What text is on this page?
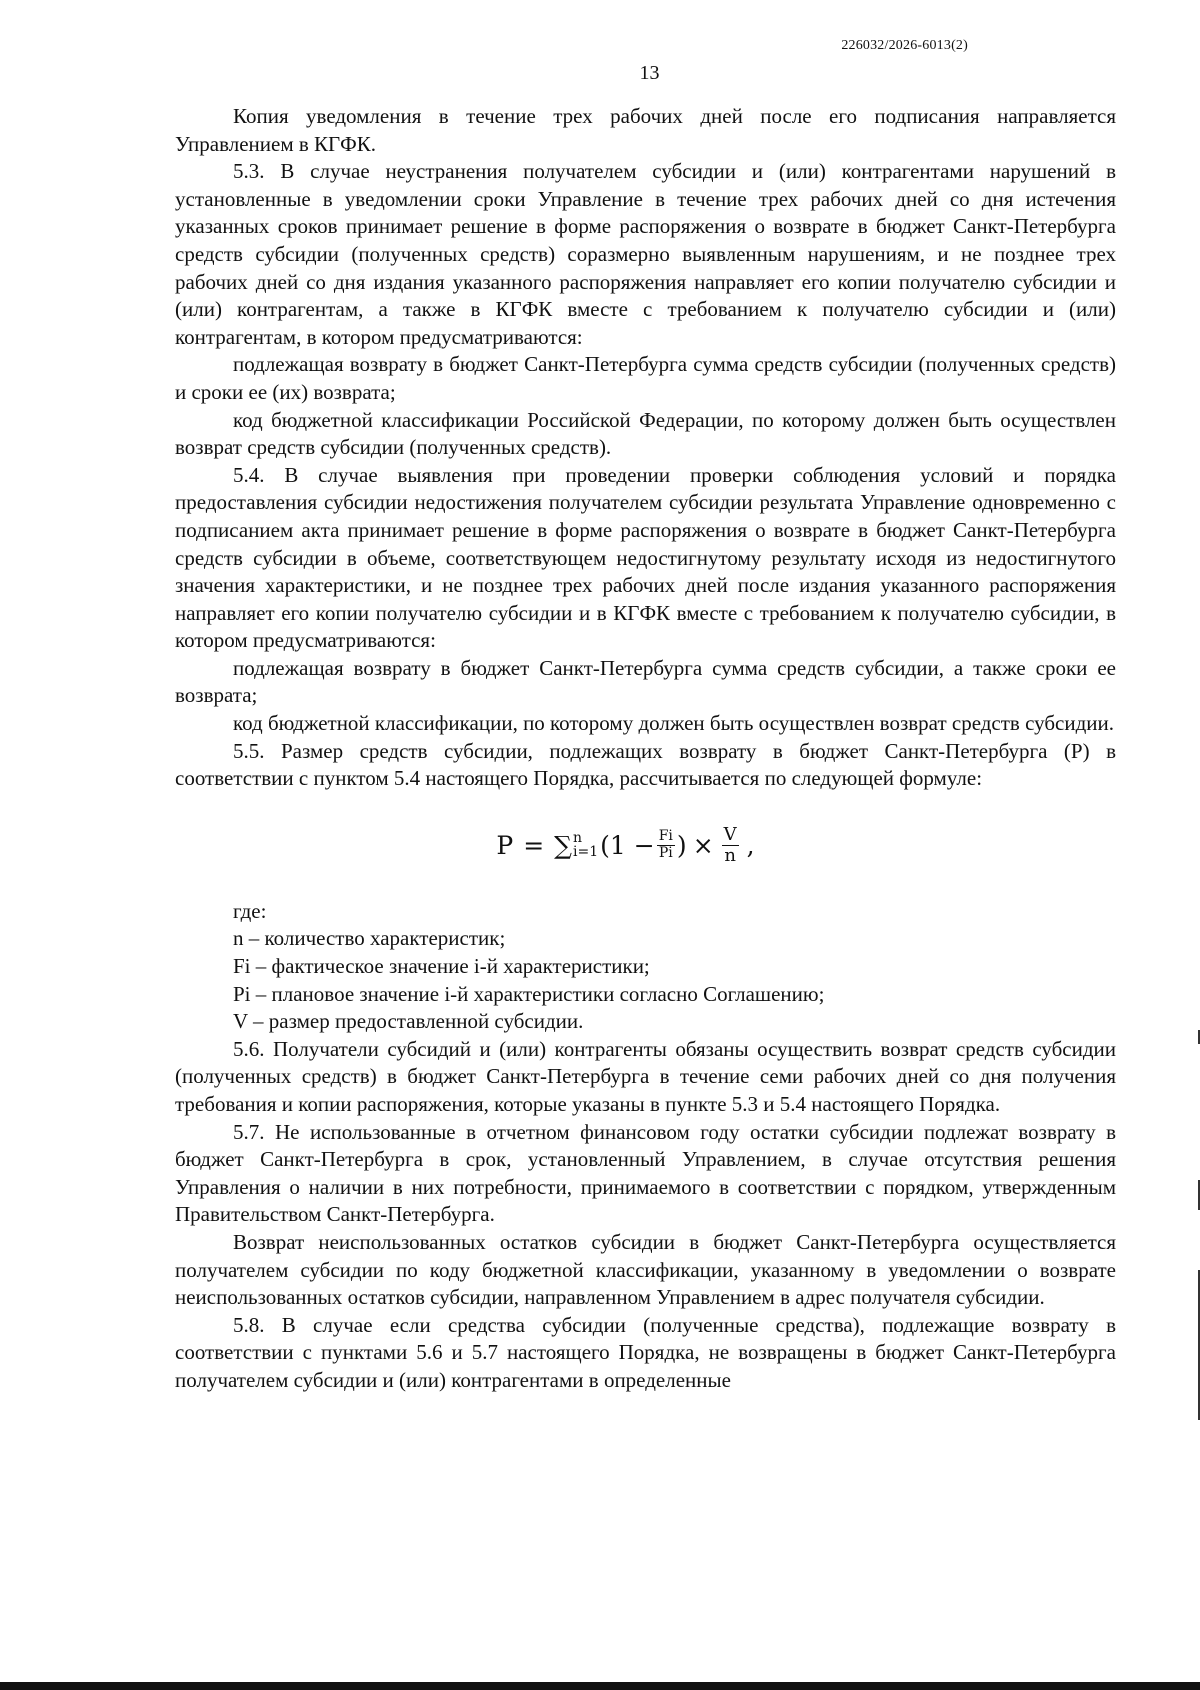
226032/2026-6013(2)
13

Копия уведомления в течение трех рабочих дней после его подписания направляется Управлением в КГФК.

5.3. В случае неустранения получателем субсидии и (или) контрагентами нарушений в установленные в уведомлении сроки Управление в течение трех рабочих дней со дня истечения указанных сроков принимает решение в форме распоряжения о возврате в бюджет Санкт-Петербурга средств субсидии (полученных средств) соразмерно выявленным нарушениям, и не позднее трех рабочих дней со дня издания указанного распоряжения направляет его копии получателю субсидии и (или) контрагентам, а также в КГФК вместе с требованием к получателю субсидии и (или) контрагентам, в котором предусматриваются:

подлежащая возврату в бюджет Санкт-Петербурга сумма средств субсидии (полученных средств) и сроки ее (их) возврата;

код бюджетной классификации Российской Федерации, по которому должен быть осуществлен возврат средств субсидии (полученных средств).

5.4. В случае выявления при проведении проверки соблюдения условий и порядка предоставления субсидии недостижения получателем субсидии результата Управление одновременно с подписанием акта принимает решение в форме распоряжения о возврате в бюджет Санкт-Петербурга средств субсидии в объеме, соответствующем недостигнутому результату исходя из недостигнутого значения характеристики, и не позднее трех рабочих дней после издания указанного распоряжения направляет его копии получателю субсидии и в КГФК вместе с требованием к получателю субсидии, в котором предусматриваются:

подлежащая возврату в бюджет Санкт-Петербурга сумма средств субсидии, а также сроки ее возврата;

код бюджетной классификации, по которому должен быть осуществлен возврат средств субсидии.

5.5. Размер средств субсидии, подлежащих возврату в бюджет Санкт-Петербурга (Р) в соответствии с пунктом 5.4 настоящего Порядка, рассчитывается по следующей формуле:

P = ∑ n
i=1 ($1 - \frac{Fi}{Pi}$ ) × $\frac{V}{n}$ ,
где:
n – количество характеристик;
Fi – фактическое значение i-й характеристики;
Pi – плановое значение i-й характеристики согласно Соглашению;
V – размер предоставленной субсидии.

5.6. Получатели субсидий и (или) контрагенты обязаны осуществить возврат средств субсидии (полученных средств) в бюджет Санкт-Петербурга в течение семи рабочих дней со дня получения требования и копии распоряжения, которые указаны в пункте 5.3 и 5.4 настоящего Порядка.

5.7. Не использованные в отчетном финансовом году остатки субсидии подлежат возврату в бюджет Санкт-Петербурга в срок, установленный Управлением, в случае отсутствия решения Управления о наличии в них потребности, принимаемого в соответствии с порядком, утвержденным Правительством Санкт-Петербурга.

Возврат неиспользованных остатков субсидии в бюджет Санкт-Петербурга осуществляется получателем субсидии по коду бюджетной классификации, указанному в уведомлении о возврате неиспользованных остатков субсидии, направленном Управлением в адрес получателя субсидии.

5.8. В случае если средства субсидии (полученные средства), подлежащие возврату в соответствии с пунктами 5.6 и 5.7 настоящего Порядка, не возвращены в бюджет Санкт-Петербурга получателем субсидии и (или) контрагентами в определенные
